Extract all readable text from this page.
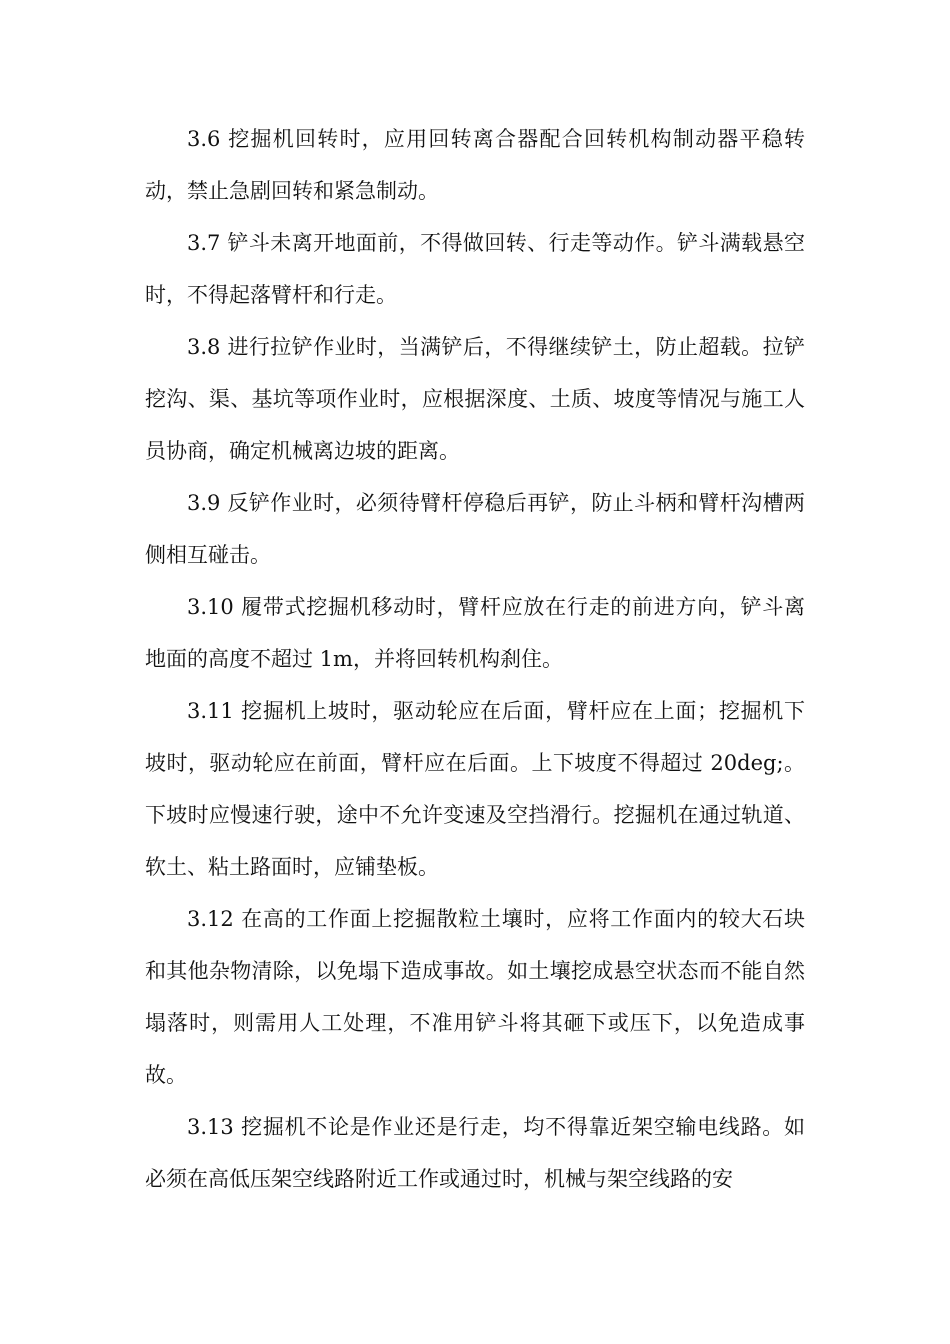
3.6 挖掘机回转时，应用回转离合器配合回转机构制动器平稳转动，禁止急剧回转和紧急制动。

3.7 铲斗未离开地面前，不得做回转、行走等动作。铲斗满载悬空时，不得起落臂杆和行走。

3.8 进行拉铲作业时，当满铲后，不得继续铲土，防止超载。拉铲挖沟、渠、基坑等项作业时，应根据深度、土质、坡度等情况与施工人员协商，确定机械离边坡的距离。

3.9 反铲作业时，必须待臂杆停稳后再铲，防止斗柄和臂杆沟槽两侧相互碰击。

3.10 履带式挖掘机移动时，臂杆应放在行走的前进方向，铲斗离地面的高度不超过 1m，并将回转机构刹住。

3.11 挖掘机上坡时，驱动轮应在后面，臂杆应在上面；挖掘机下坡时，驱动轮应在前面，臂杆应在后面。上下坡度不得超过 20deg;。下坡时应慢速行驶，途中不允许变速及空挡滑行。挖掘机在通过轨道、软土、粘土路面时，应铺垫板。

3.12 在高的工作面上挖掘散粒土壤时，应将工作面内的较大石块和其他杂物清除，以免塌下造成事故。如土壤挖成悬空状态而不能自然塌落时，则需用人工处理，不准用铲斗将其砸下或压下，以免造成事故。

3.13 挖掘机不论是作业还是行走，均不得靠近架空输电线路。如必须在高低压架空线路附近工作或通过时，机械与架空线路的安
